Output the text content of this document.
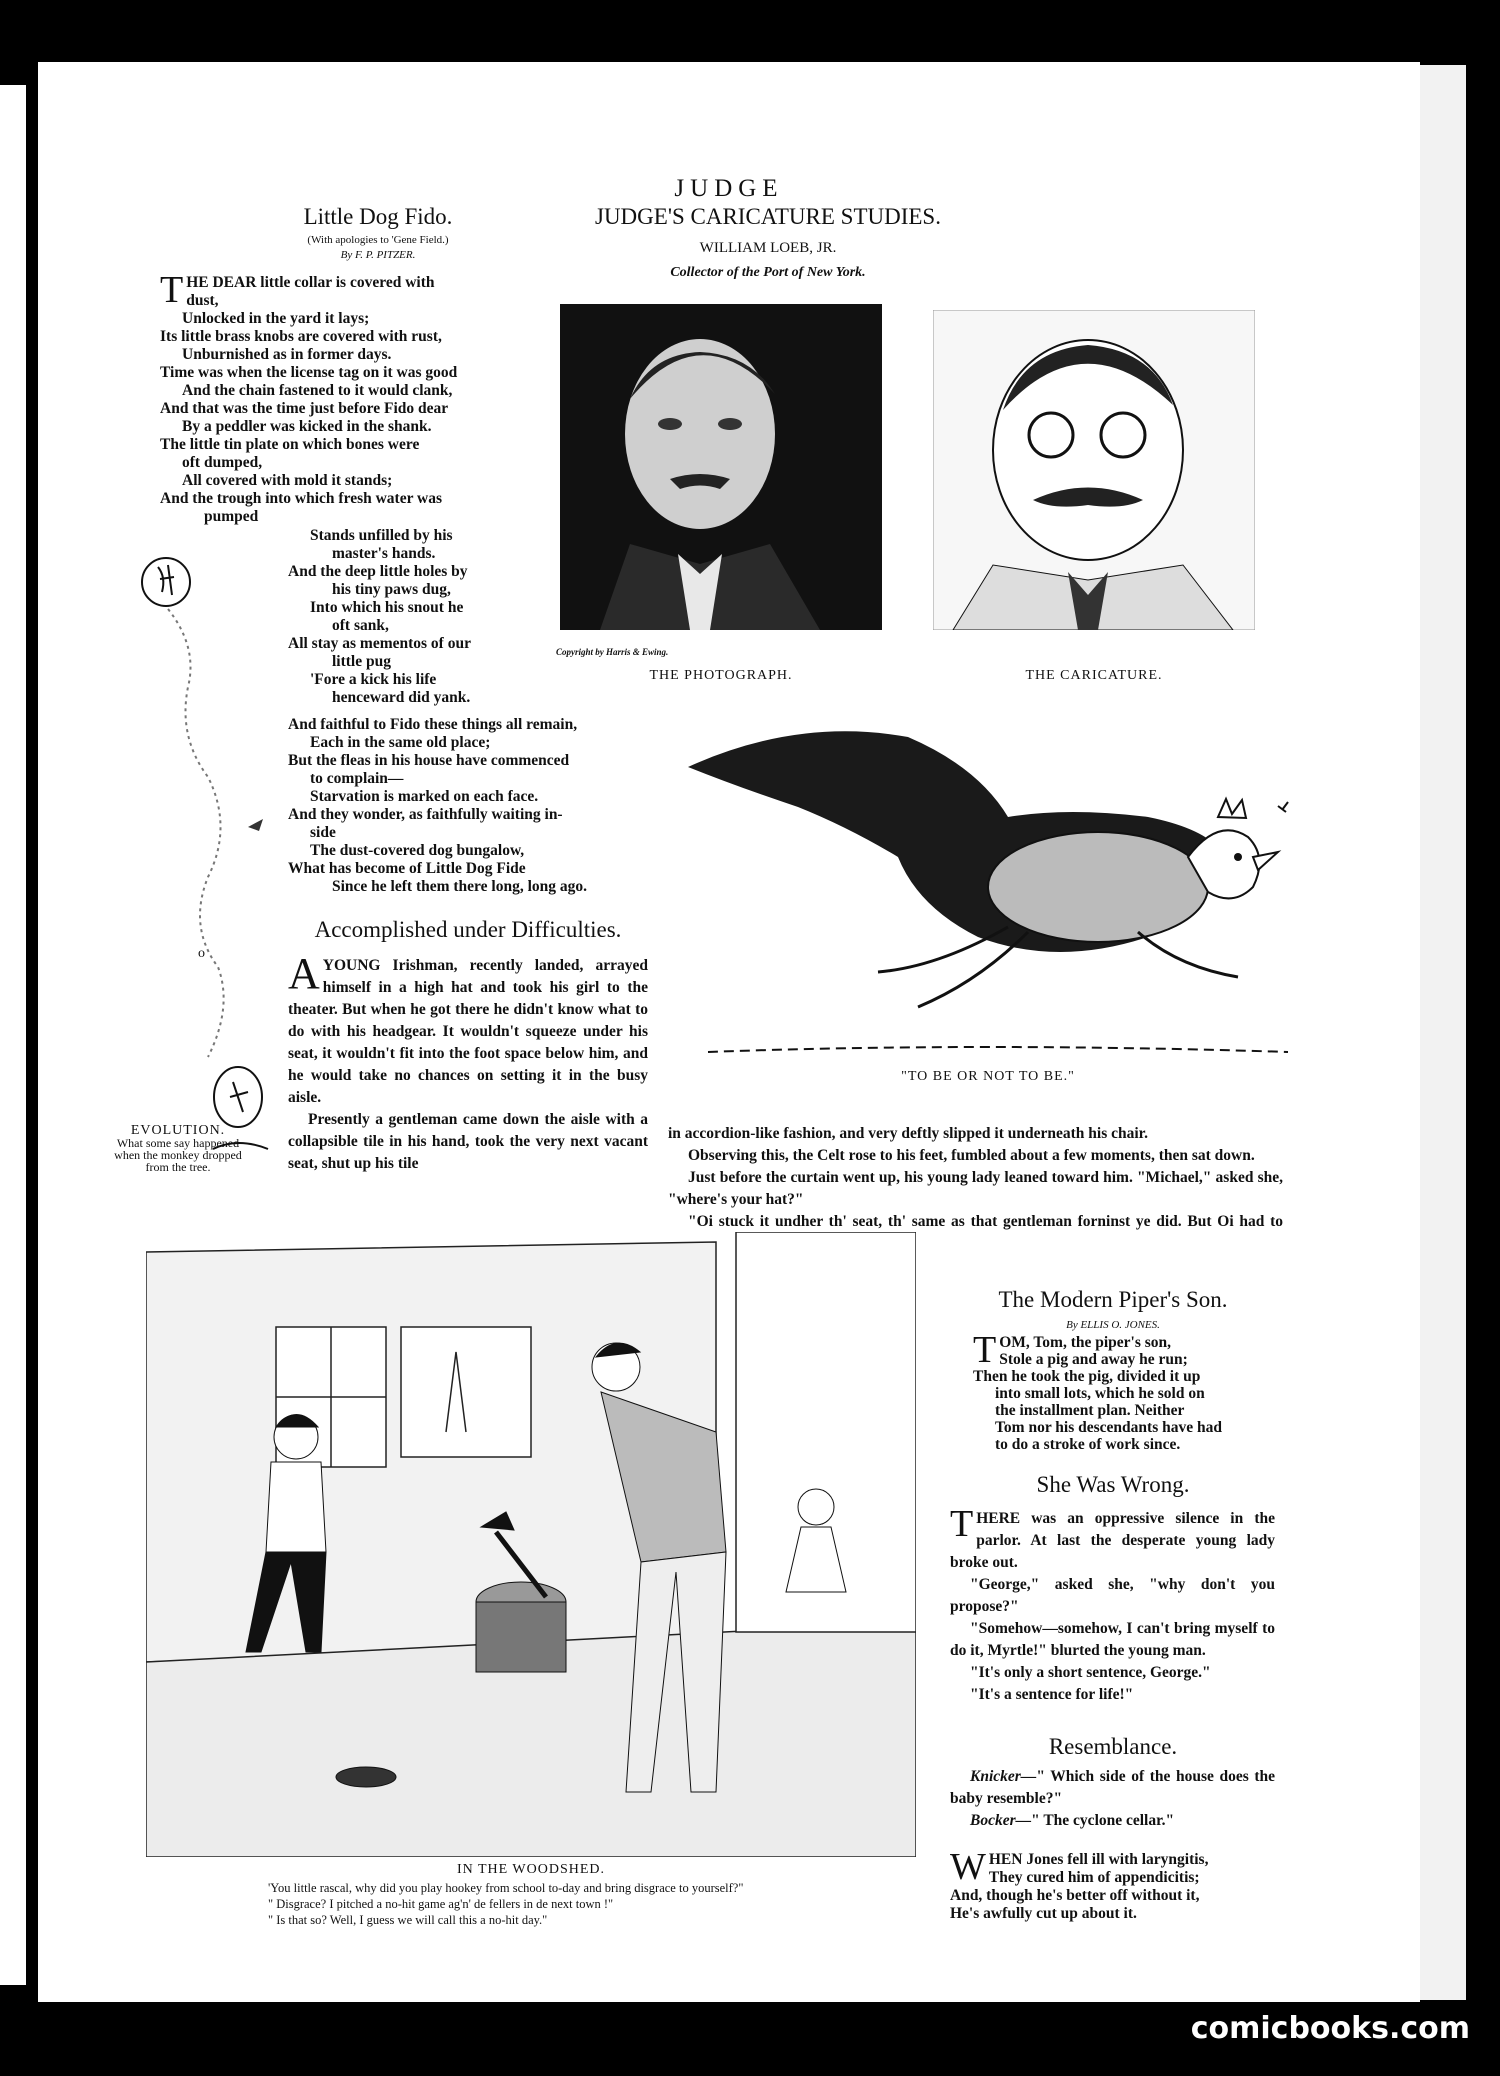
JUDGE
Little Dog Fido.
(With apologies to 'Gene Field.)
By F. P. PITZER.
T HE DEAR little collar is covered with
dust,
Unlocked in the yard it lays;
Its little brass knobs are covered with rust,
Unburnished as in former days.
Time was when the license tag on it was good
And the chain fastened to it would clank,
And that was the time just before Fido dear
By a peddler was kicked in the shank.
The little tin plate on which bones were
oft dumped,
All covered with mold it stands;
And the trough into which fresh water was
pumped
Stands unfilled by his
master's hands.
And the deep little holes by
his tiny paws dug,
Into which his snout he
oft sank,
All stay as mementos of our
little pug
'Fore a kick his life
henceward did yank.
And faithful to Fido these things all remain,
Each in the same old place;
But the fleas in his house have commenced
to complain—
Starvation is marked on each face.
And they wonder, as faithfully waiting in-
side
The dust-covered dog bungalow,
What has become of Little Dog Fide
Since he left them there long, long ago.
o
EVOLUTION.
What some say happened when the monkey dropped from the tree.
JUDGE'S CARICATURE STUDIES.
WILLIAM LOEB, JR.
Collector of the Port of New York.
Copyright by Harris & Ewing.
THE PHOTOGRAPH.	THE CARICATURE.
"TO BE OR NOT TO BE."
Accomplished under Difficulties.
A YOUNG Irishman, recently landed, arrayed himself in a high hat and took his girl to the theater. But when he got there he didn't know what to do with his headgear. It wouldn't squeeze under his seat, it wouldn't fit into the foot space below him, and he would take no chances on setting it in the busy aisle.

Presently a gentleman came down the aisle with a collapsible tile in his hand, took the very next vacant seat, shut up his tile

in accordion-like fashion, and very deftly slipped it underneath his chair.

Observing this, the Celt rose to his feet, fumbled about a few moments, then sat down.

Just before the curtain went up, his young lady leaned toward him. "Michael," asked she, "where's your hat?"

"Oi stuck it undher th' seat, th' same as that gentleman forninst ye did. But Oi had to

IN THE WOODSHED.
'You little rascal, why did you play hookey from school to-day and bring disgrace to yourself?"
" Disgrace? I pitched a no-hit game ag'n' de fellers in de next town !"
" Is that so? Well, I guess we will call this a no-hit day."
The Modern Piper's Son.
By ELLIS O. JONES.
T OM, Tom, the piper's son,
Stole a pig and away he run;
Then he took the pig, divided it up
into small lots, which he sold on
the installment plan. Neither
Tom nor his descendants have had
to do a stroke of work since.
She Was Wrong.
T HERE was an oppressive silence in the parlor. At last the desperate young lady broke out.

"George," asked she, "why don't you propose?"

"Somehow—somehow, I can't bring myself to do it, Myrtle!" blurted the young man.

"It's only a short sentence, George."

"It's a sentence for life!"

Resemblance.

Knicker—" Which side of the house does the baby resemble?"

Bocker—" The cyclone cellar."

W HEN Jones fell ill with laryngitis,
They cured him of appendicitis;
And, though he's better off without it,
He's awfully cut up about it.
comicbooks.com
